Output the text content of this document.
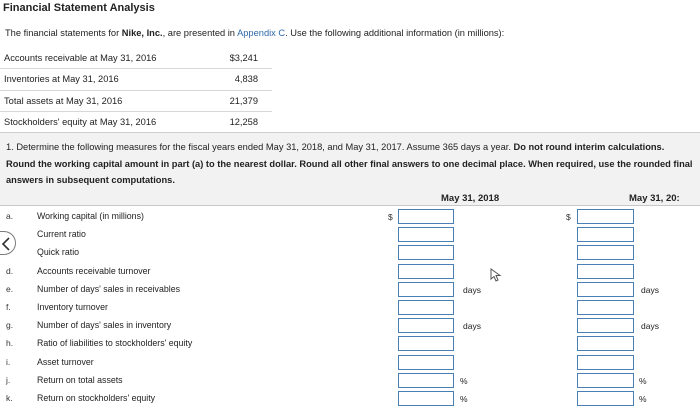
Financial Statement Analysis
The financial statements for Nike, Inc., are presented in Appendix C. Use the following additional information (in millions):
Accounts receivable at May 31, 2016	$3,241
Inventories at May 31, 2016	4,838
Total assets at May 31, 2016	21,379
Stockholders' equity at May 31, 2016	12,258
1. Determine the following measures for the fiscal years ended May 31, 2018, and May 31, 2017. Assume 365 days a year. Do not round interim calculations. Round the working capital amount in part (a) to the nearest dollar. Round all other final answers to one decimal place. When required, use the rounded final answers in subsequent computations.
May 31, 2018	May 31, 20:
a.	Working capital (in millions)	$	$
Current ratio
Quick ratio
d.	Accounts receivable turnover
e.	Number of days' sales in receivables	days	days
f.	Inventory turnover
g.	Number of days' sales in inventory	days	days
h.	Ratio of liabilities to stockholders' equity
i.	Asset turnover
j.	Return on total assets	%	%
k.	Return on stockholders' equity	%	%
